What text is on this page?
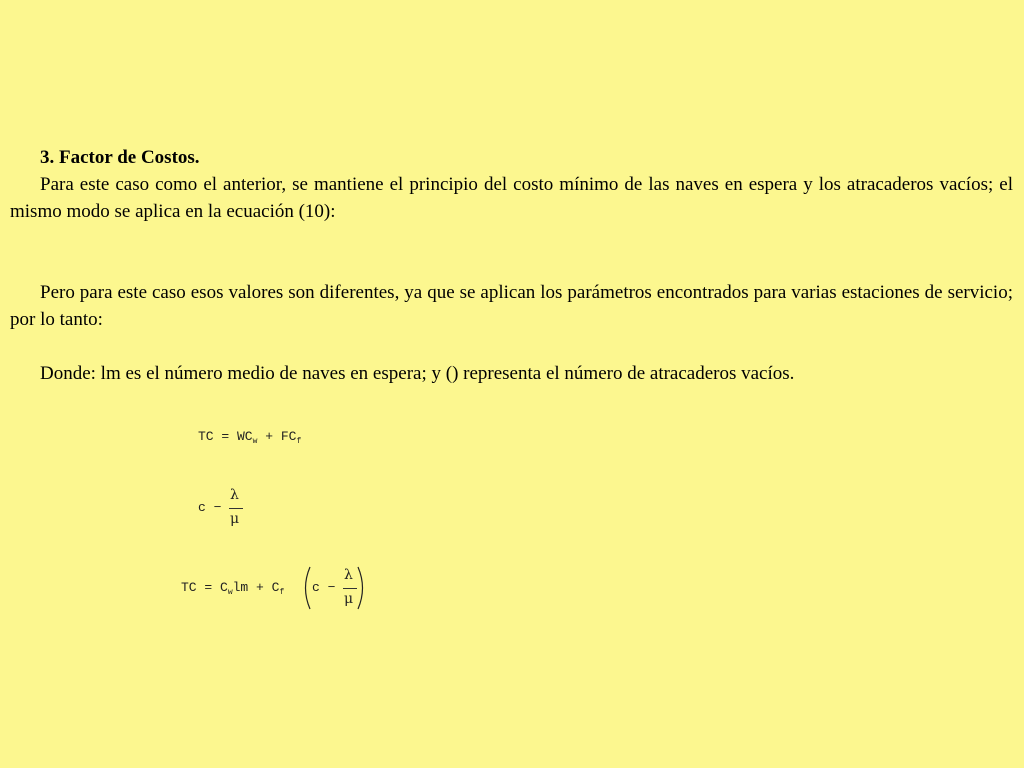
3. Factor de Costos.

Para este caso como el anterior, se mantiene el principio del costo mínimo de las naves en espera y los atracaderos vacíos; el mismo modo se aplica en la ecuación (10):

Pero para este caso esos valores son diferentes, ya que se aplican los parámetros encontrados para varias estaciones de servicio; por lo tanto:

Donde: lm es el número medio de naves en espera; y () representa el número de atracaderos vacíos.

TC = $WC_w + FC_f$
c −
λ
μ
TC = $C_wlm + C_f$ c −
λ
μ
